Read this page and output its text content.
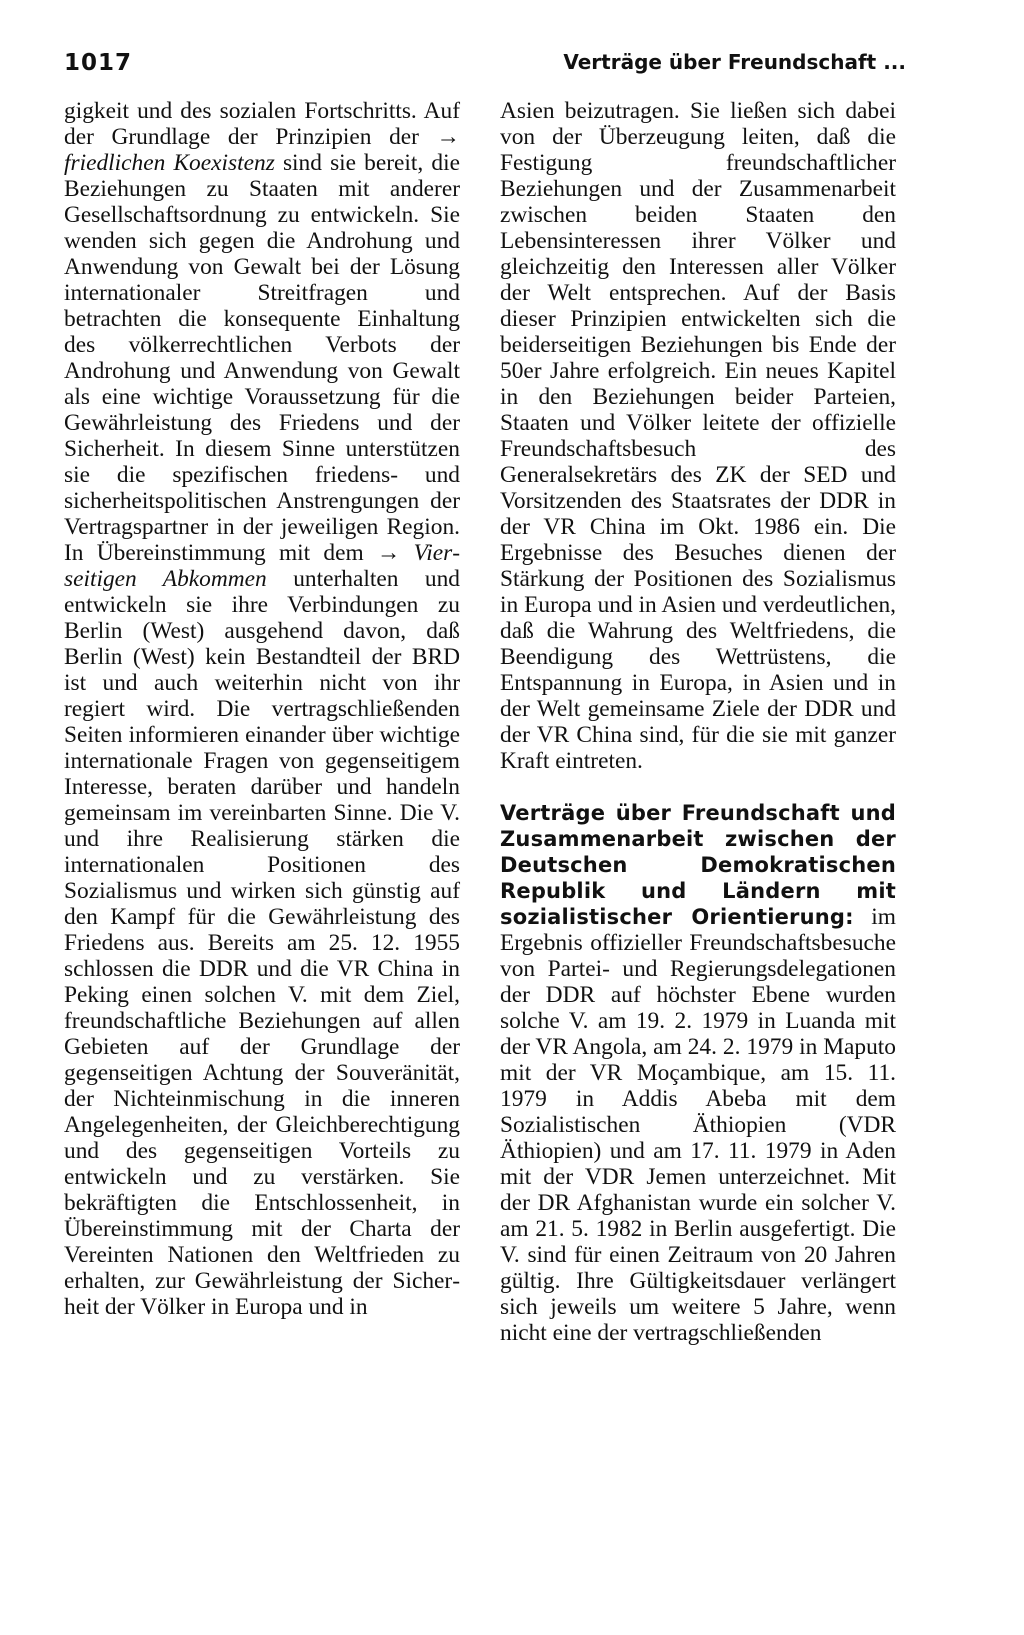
1017	Verträge über Freundschaft ...

gigkeit und des sozialen Fortschritts. Auf der Grundlage der Prinzipien der → friedlichen Koexistenz sind sie bereit, die Beziehungen zu Staaten mit anderer Gesellschaftsordnung zu entwickeln. Sie wenden sich gegen die Androhung und Anwendung von Gewalt bei der Lösung internationaler Streitfragen und betrachten die konsequente Einhaltung des völkerrechtlichen Verbots der Androhung und Anwendung von Gewalt als eine wichtige Voraussetzung für die Gewährleistung des Friedens und der Sicherheit. In diesem Sinne unterstützen sie die spezifischen friedens- und sicherheitspolitischen Anstrengungen der Vertragspartner in der jeweiligen Region. In Übereinstimmung mit dem → Vierseitigen Abkommen unterhalten und entwickeln sie ihre Verbindungen zu Berlin (West) ausgehend davon, daß Berlin (West) kein Bestandteil der BRD ist und auch weiterhin nicht von ihr regiert wird. Die vertragschließenden Seiten informieren einander über wichtige internationale Fragen von gegenseitigem Interesse, beraten darüber und handeln gemeinsam im vereinbarten Sinne. Die V. und ihre Realisierung stärken die internationalen Positionen des Sozialismus und wirken sich günstig auf den Kampf für die Gewährleistung des Friedens aus. Bereits am 25. 12. 1955 schlossen die DDR und die VR China in Peking einen solchen V. mit dem Ziel, freundschaftliche Beziehungen auf allen Gebieten auf der Grundlage der gegenseitigen Achtung der Souveränität, der Nichteinmischung in die inneren Angelegenheiten, der Gleichberechtigung und des gegenseitigen Vorteils zu entwickeln und zu verstärken. Sie bekräftigten die Entschlossenheit, in Übereinstimmung mit der Charta der Vereinten Nationen den Weltfrieden zu erhalten, zur Gewährleistung der Sicherheit der Völker in Europa und in

Asien beizutragen. Sie ließen sich dabei von der Überzeugung leiten, daß die Festigung freundschaftlicher Beziehungen und der Zusammenarbeit zwischen beiden Staaten den Lebensinteressen ihrer Völker und gleichzeitig den Interessen aller Völker der Welt entsprechen. Auf der Basis dieser Prinzipien entwickelten sich die beiderseitigen Beziehungen bis Ende der 50er Jahre erfolgreich. Ein neues Kapitel in den Beziehungen beider Parteien, Staaten und Völker leitete der offizielle Freundschaftsbesuch des Generalsekretärs des ZK der SED und Vorsitzenden des Staatsrates der DDR in der VR China im Okt. 1986 ein. Die Ergebnisse des Besuches dienen der Stärkung der Positionen des Sozialismus in Europa und in Asien und verdeutlichen, daß die Wahrung des Weltfriedens, die Beendigung des Wettrüstens, die Entspannung in Europa, in Asien und in der Welt gemeinsame Ziele der DDR und der VR China sind, für die sie mit ganzer Kraft eintreten.

Verträge über Freundschaft und Zusammenarbeit zwischen der Deutschen Demokratischen Republik und Ländern mit sozialistischer Orientierung: im Ergebnis offizieller Freundschaftsbesuche von Partei- und Regierungsdelegationen der DDR auf höchster Ebene wurden solche V. am 19. 2. 1979 in Luanda mit der VR Angola, am 24. 2. 1979 in Maputo mit der VR Moçambique, am 15. 11. 1979 in Addis Abeba mit dem Sozialistischen Äthiopien (VDR Äthiopien) und am 17. 11. 1979 in Aden mit der VDR Jemen unterzeichnet. Mit der DR Afghanistan wurde ein solcher V. am 21. 5. 1982 in Berlin ausgefertigt. Die V. sind für einen Zeitraum von 20 Jahren gültig. Ihre Gültigkeitsdauer verlängert sich jeweils um weitere 5 Jahre, wenn nicht eine der vertragschließenden
